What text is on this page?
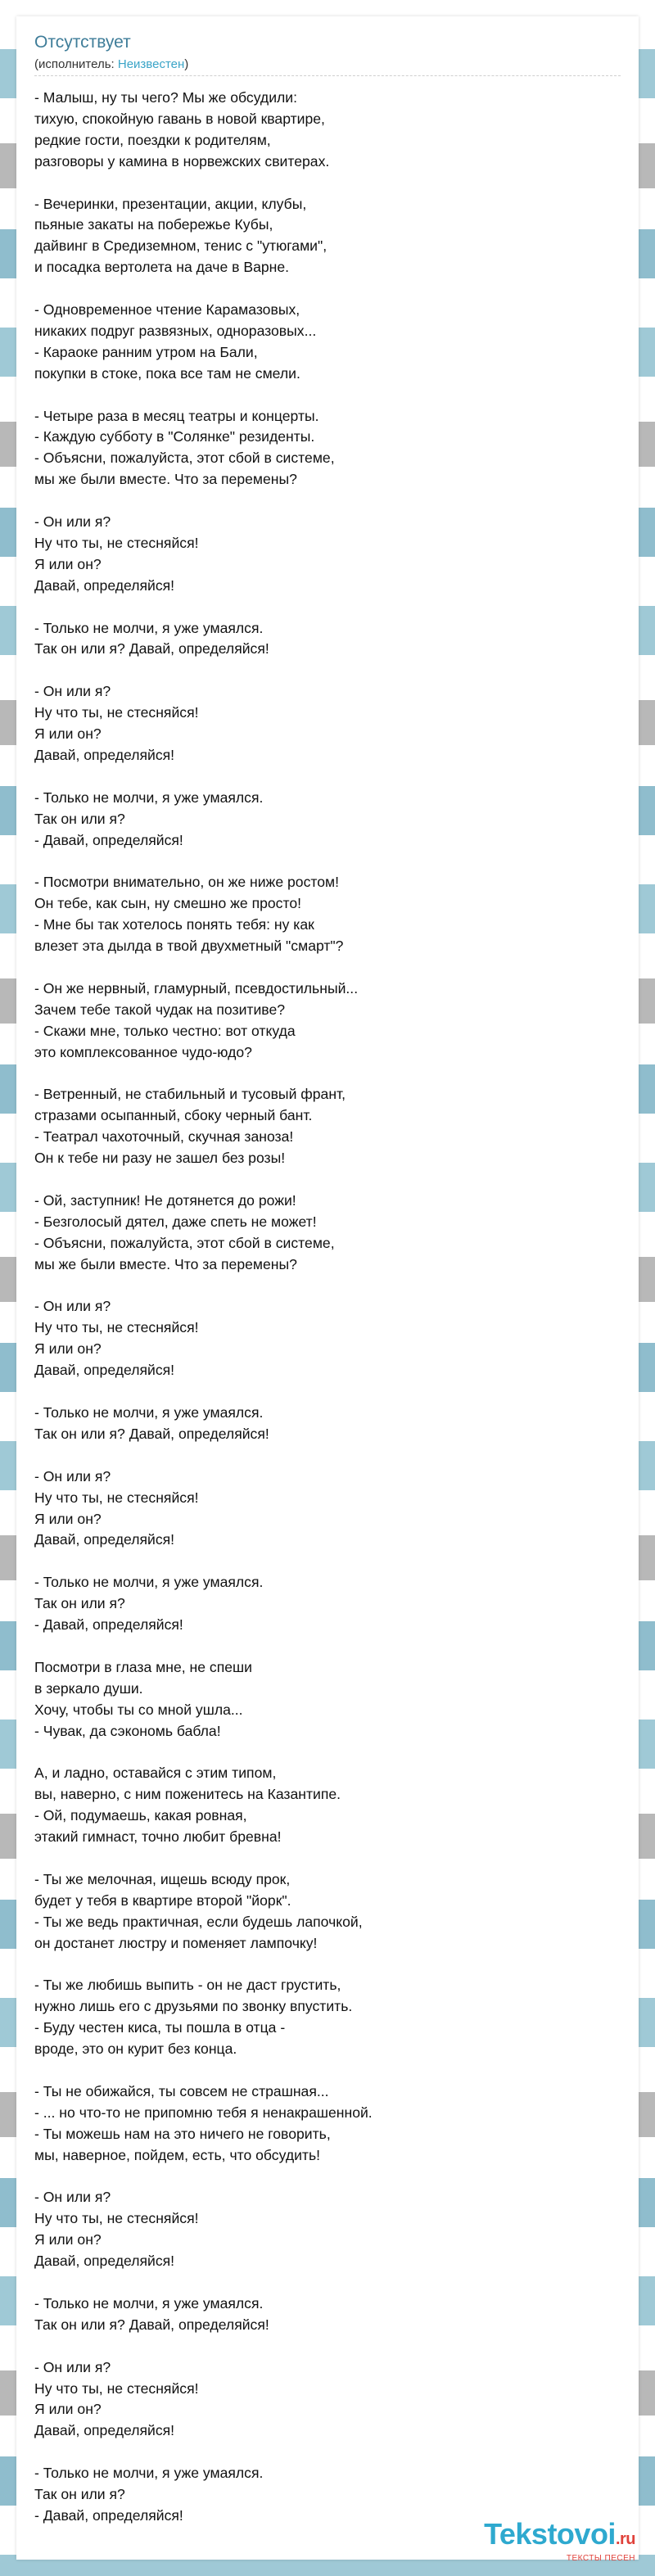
Отсутствует
(исполнитель: Неизвестен)
- Малыш, ну ты чего? Мы же обсудили:
тихую, спокойную гавань в новой квартире,
редкие гости, поездки к родителям,
разговоры у камина в норвежских свитерах.
- Вечеринки, презентации, акции, клубы,
пьяные закаты на побережье Кубы,
дайвинг в Средиземном, тенис с "утюгами",
и посадка вертолета на даче в Варне.
- Одновременное чтение Карамазовых,
никаких подруг развязных, одноразовых...
- Караоке ранним утром на Бали,
покупки в стоке, пока все там не смели.
- Четыре раза в месяц театры и концерты.
- Каждую субботу в "Солянке" резиденты.
- Объясни, пожалуйста, этот сбой в системе,
мы же были вместе. Что за перемены?
- Он или я?
Ну что ты, не стесняйся!
Я или он?
Давай, определяйся!
- Только не молчи, я уже умаялся.
Так он или я? Давай, определяйся!
- Он или я?
Ну что ты, не стесняйся!
Я или он?
Давай, определяйся!
- Только не молчи, я уже умаялся.
Так он или я?
- Давай, определяйся!
- Посмотри внимательно, он же ниже ростом!
Он тебе, как сын, ну смешно же просто!
- Мне бы так хотелось понять тебя: ну как
влезет эта дылда в твой двухметный "смарт"?
- Он же нервный, гламурный, псевдостильный...
Зачем тебе такой чудак на позитиве?
- Скажи мне, только честно: вот откуда
это комплексованное чудо-юдо?
- Ветренный, не стабильный и тусовый франт,
стразами осыпанный, сбоку черный бант.
- Театрал чахоточный, скучная заноза!
Он к тебе ни разу не зашел без розы!
- Ой, заступник! Не дотянется до рожи!
- Безголосый дятел, даже спеть не может!
- Объясни, пожалуйста, этот сбой в системе,
мы же были вместе. Что за перемены?
- Он или я?
Ну что ты, не стесняйся!
Я или он?
Давай, определяйся!
- Только не молчи, я уже умаялся.
Так он или я? Давай, определяйся!
- Он или я?
Ну что ты, не стесняйся!
Я или он?
Давай, определяйся!
- Только не молчи, я уже умаялся.
Так он или я?
- Давай, определяйся!
Посмотри в глаза мне, не спеши
в зеркало души.
Хочу, чтобы ты со мной ушла...
- Чувак, да сэкономь бабла!
А, и ладно, оставайся с этим типом,
вы, наверно, с ним поженитесь на Казантипе.
- Ой, подумаешь, какая ровная,
этакий гимнаст, точно любит бревна!
- Ты же мелочная, ищешь всюду прок,
будет у тебя в квартире второй "йорк".
- Ты же ведь практичная, если будешь лапочкой,
он достанет люстру и поменяет лампочку!
- Ты же любишь выпить - он не даст грустить,
нужно лишь его с друзьями по звонку впустить.
- Буду честен киса, ты пошла в отца -
вроде, это он курит без конца.
- Ты не обижайся, ты совсем не страшная...
- ... но что-то не припомню тебя я ненакрашенной.
- Ты можешь нам на это ничего не говорить,
мы, наверное, пойдем, есть, что обсудить!
- Он или я?
Ну что ты, не стесняйся!
Я или он?
Давай, определяйся!
- Только не молчи, я уже умаялся.
Так он или я? Давай, определяйся!
- Он или я?
Ну что ты, не стесняйся!
Я или он?
Давай, определяйся!
- Только не молчи, я уже умаялся.
Так он или я?
- Давай, определяйся!
Tekstovoi.ru
ТЕКСТЫ ПЕСЕН
